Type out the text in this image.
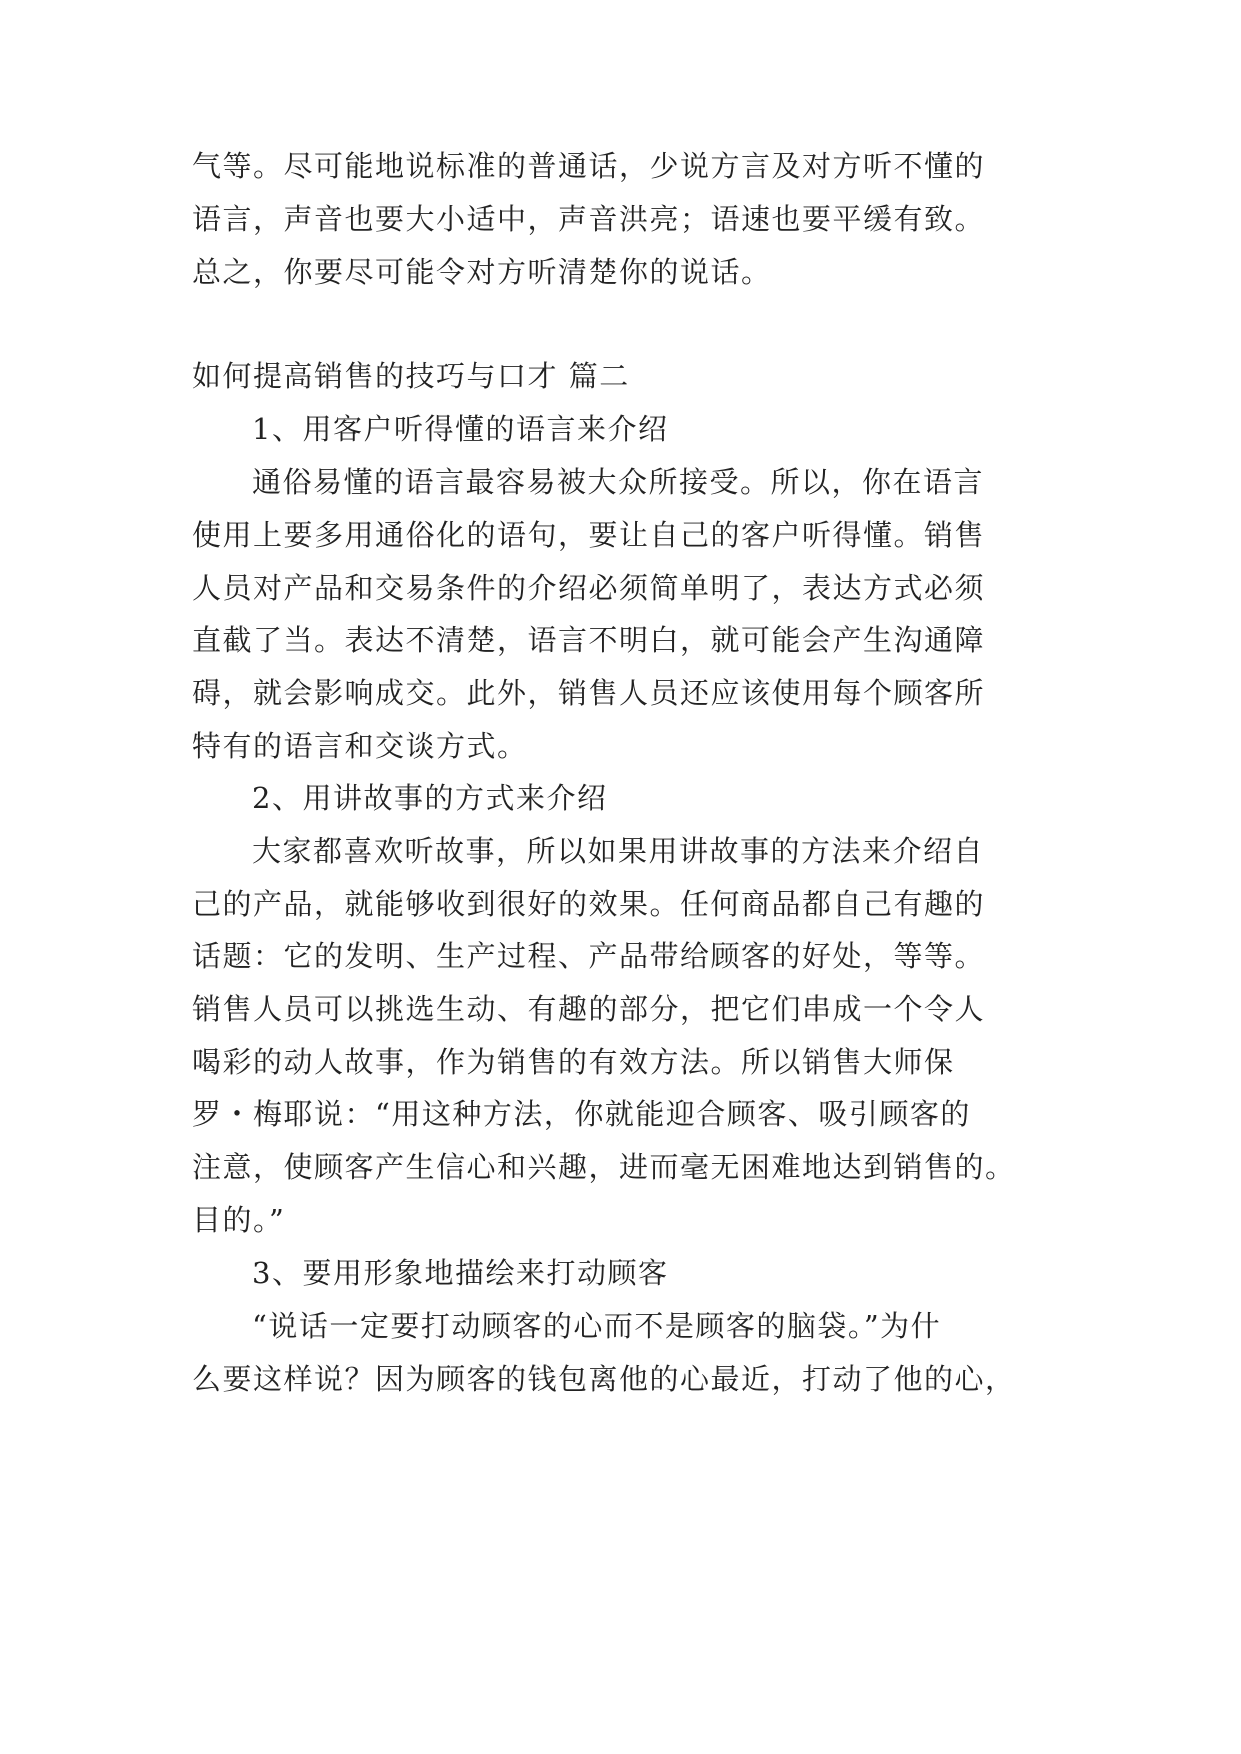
气等。尽可能地说标准的普通话，少说方言及对方听不懂的
语言，声音也要大小适中，声音洪亮；语速也要平缓有致。
总之，你要尽可能令对方听清楚你的说话。
如何提高销售的技巧与口才 篇二
1、用客户听得懂的语言来介绍
通俗易懂的语言最容易被大众所接受。所以，你在语言
使用上要多用通俗化的语句，要让自己的客户听得懂。销售
人员对产品和交易条件的介绍必须简单明了，表达方式必须
直截了当。表达不清楚，语言不明白，就可能会产生沟通障
碍，就会影响成交。此外，销售人员还应该使用每个顾客所
特有的语言和交谈方式。
2、用讲故事的方式来介绍
大家都喜欢听故事，所以如果用讲故事的方法来介绍自
己的产品，就能够收到很好的效果。任何商品都自己有趣的
话题：它的发明、生产过程、产品带给顾客的好处，等等。
销售人员可以挑选生动、有趣的部分，把它们串成一个令人
喝彩的动人故事，作为销售的有效方法。所以销售大师保
罗・梅耶说：“用这种方法，你就能迎合顾客、吸引顾客的
注意，使顾客产生信心和兴趣，进而毫无困难地达到销售的。
目的。”
3、要用形象地描绘来打动顾客
“说话一定要打动顾客的心而不是顾客的脑袋。”为什
么要这样说？因为顾客的钱包离他的心最近，打动了他的心，
